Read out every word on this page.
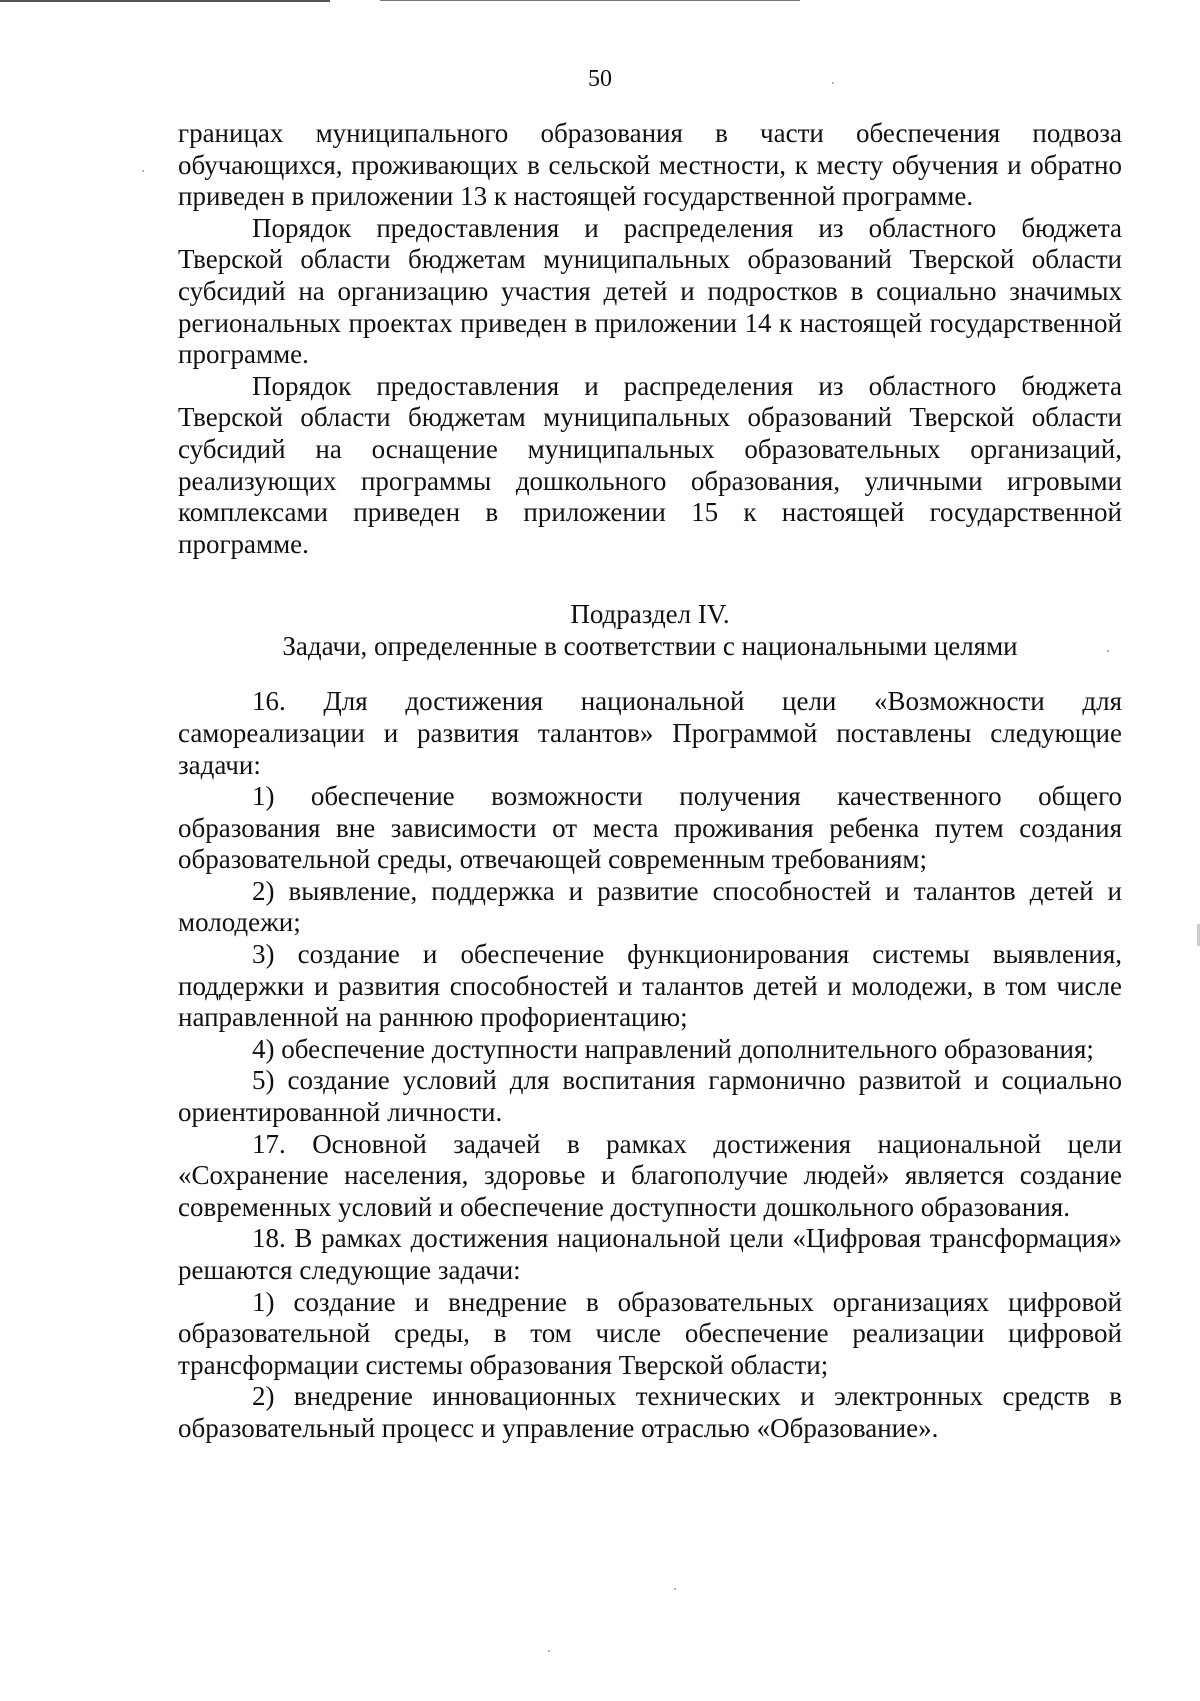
50

границах муниципального образования в части обеспечения подвоза обучающихся, проживающих в сельской местности, к месту обучения и обратно приведен в приложении 13 к настоящей государственной программе.

Порядок предоставления и распределения из областного бюджета Тверской области бюджетам муниципальных образований Тверской области субсидий на организацию участия детей и подростков в социально значимых региональных проектах приведен в приложении 14 к настоящей государственной программе.

Порядок предоставления и распределения из областного бюджета Тверской области бюджетам муниципальных образований Тверской области субсидий на оснащение муниципальных образовательных организаций, реализующих программы дошкольного образования, уличными игровыми комплексами приведен в приложении 15 к настоящей государственной программе.

Подраздел IV.

Задачи, определенные в соответствии с национальными целями

16. Для достижения национальной цели «Возможности для самореализации и развития талантов» Программой поставлены следующие задачи:

1) обеспечение возможности получения качественного общего образования вне зависимости от места проживания ребенка путем создания образовательной среды, отвечающей современным требованиям;

2) выявление, поддержка и развитие способностей и талантов детей и молодежи;

3) создание и обеспечение функционирования системы выявления, поддержки и развития способностей и талантов детей и молодежи, в том числе направленной на раннюю профориентацию;

4) обеспечение доступности направлений дополнительного образования;

5) создание условий для воспитания гармонично развитой и социально ориентированной личности.

17. Основной задачей в рамках достижения национальной цели «Сохранение населения, здоровье и благополучие людей» является создание современных условий и обеспечение доступности дошкольного образования.

18. В рамках достижения национальной цели «Цифровая трансформация» решаются следующие задачи:

1) создание и внедрение в образовательных организациях цифровой образовательной среды, в том числе обеспечение реализации цифровой трансформации системы образования Тверской области;

2) внедрение инновационных технических и электронных средств в образовательный процесс и управление отраслью «Образование».
